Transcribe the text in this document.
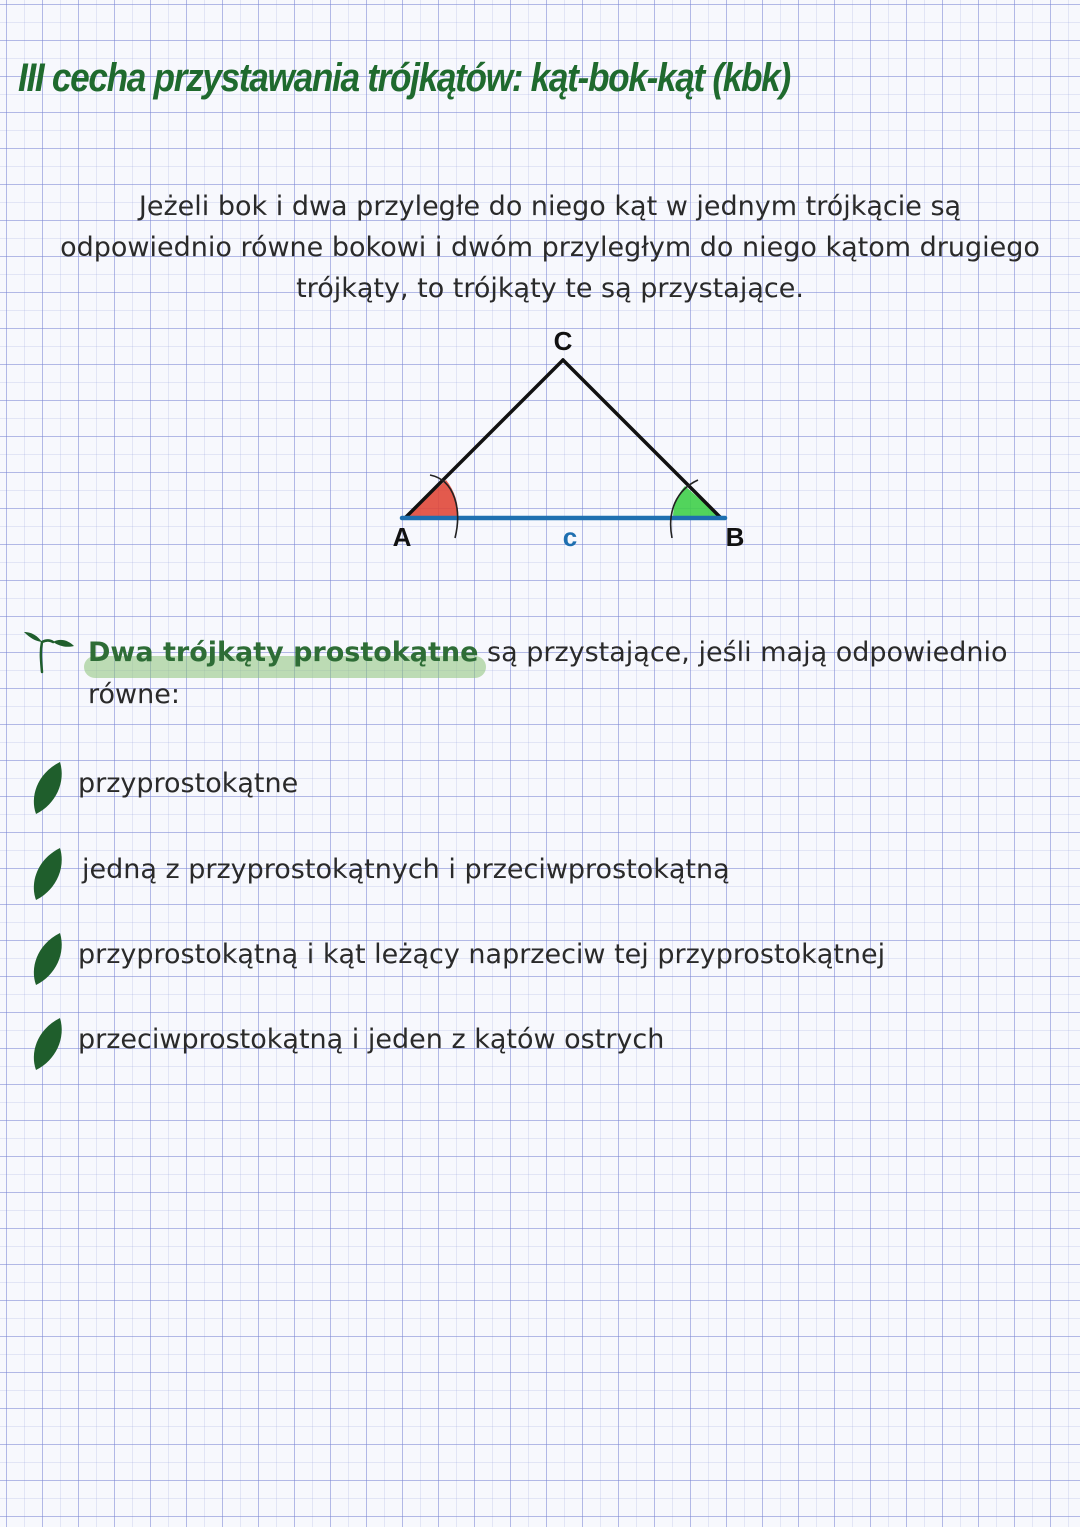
III cecha przystawania trójkątów: kąt-bok-kąt (kbk)

Jeżeli bok i dwa przyległe do niego kąt w jednym trójkącie są odpowiednio równe bokowi i dwóm przyległym do niego kątom drugiego trójkąty, to trójkąty te są przystające.

C
A	B
c

Dwa trójkąty prostokątne są przystające, jeśli mają odpowiednio równe:

przyprostokątne
jedną z przyprostokątnych i przeciwprostokątną
przyprostokątną i kąt leżący naprzeciw tej przyprostokątnej
przeciwprostokątną i jeden z kątów ostrych
